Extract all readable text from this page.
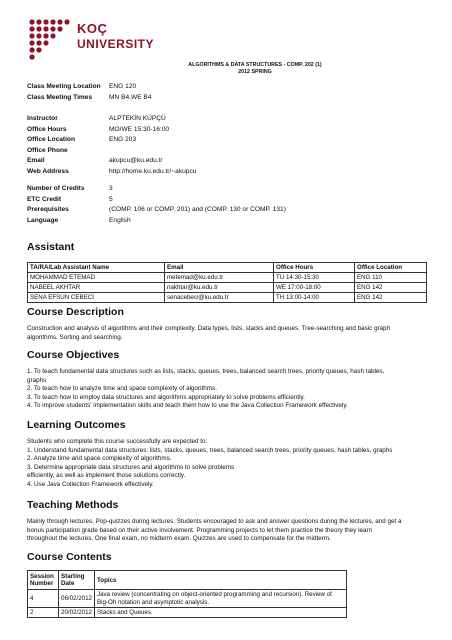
KOÇ
UNIVERSITY
ALGORITHMS & DATA STRUCTURES - COMP. 202 (1)
2012 SPRING
Class Meeting Location	ENG 120
Class Meeting Times	MN B4,WE B4
Instructor	ALPTEKİN KÜPÇÜ
Office Hours	MO/WE 15:30-16:00
Office Location	ENG 203
Office Phone
Email	akupcu@ku.edu.tr
Web Address	http://home.ku.edu.tr/~akupcu
Number of Credits	3
ETC Credit	5
Prerequisites	(COMP. 106 or COMP. 201) and (COMP. 130 or COMP. 131)
Language	English
Assistant
TA/RA/Lab Assistant Name	Email	Office Hours	Office Location
MOHAMMAD ETEMAD	metemad@ku.edu.tr	TU 14:30-15:30	ENG 110
NABEEL AKHTAR	nakhtar@ku.edu.tr	WE 17:00-18:00	ENG 142
SENA EFSUN CEBECİ	senacebeci@ku.edu.tr	TH 13:00-14:00	ENG 142
Course Description
Construction and analysis of algorithms and their complexity. Data types, lists, stacks and queues. Tree-searching and basic graph
algorithms. Sorting and searching.
Course Objectives
1. To teach fundamental data structures such as lists, stacks, queues, trees, balanced search trees, priority queues, hash tables,
graphs
2. To teach how to analyze time and space complexity of algorithms.
3. To teach how to employ data structures and algorithms appropriately to solve problems efficiently.
4. To improve students' implementation skills and teach them how to use the Java Collection Framework effectively.
Learning Outcomes
Students who complete this course successfully are expected to:
1. Understand fundamental data structures: lists, stacks, queues, trees, balanced search trees, priority queues, hash tables, graphs
2. Analyze time and space complexity of algorithms.
3. Determine appropriate data structures and algorithms to solve problems
efficiently, as well as implement those solutions correctly.
4. Use Java Collection Framework effectively.
Teaching Methods
Mainly through lectures. Pop-quizzes during lectures. Students encouraged to ask and answer questions during the lectures, and get a
bonus participation grade based on their active involvement. Programming projects to let them practice the theory they learn
throughout the lectures. One final exam, no midterm exam. Quizzes are used to compensate for the midterm.
Course Contents
Session Number	Starting Date	Topics
4	06/02/2012	Java review (concentrating on object-oriented programming and recursion). Review of Big-Oh notation and asymptotic analysis.
2	20/02/2012	Stacks and Queues.
